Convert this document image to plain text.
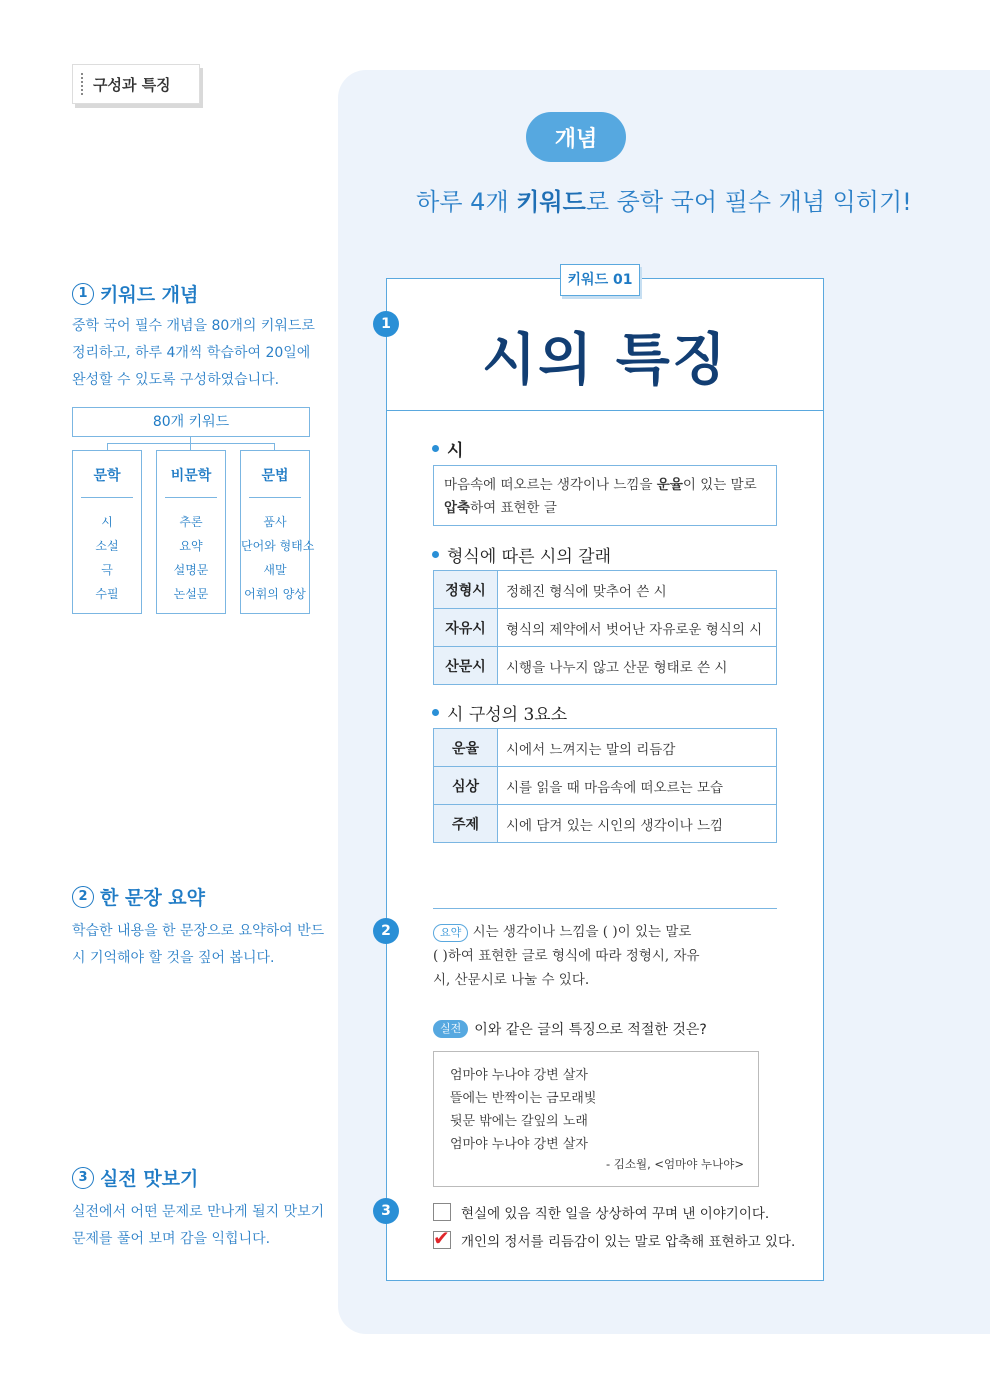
구성과 특징
개념
하루 4개 키워드로 중학 국어 필수 개념 익히기!
1 키워드 개념
중학 국어 필수 개념을 80개의 키워드로 정리하고, 하루 4개씩 학습하여 20일에 완성할 수 있도록 구성하였습니다.
80개 키워드
문학
시
소설
극
수필
비문학
추론
요약
설명문
논설문
문법
품사
단어와 형태소
새말
어휘의 양상
2 한 문장 요약
학습한 내용을 한 문장으로 요약하여 반드시 기억해야 할 것을 짚어 봅니다.
3 실전 맛보기
실전에서 어떤 문제로 만나게 될지 맛보기 문제를 풀어 보며 감을 익힙니다.
키워드 01
시의 특징
1
2
3
시
마음속에 떠오르는 생각이나 느낌을 운율이 있는 말로 압축하여 표현한 글
형식에 따른 시의 갈래
정형시	정해진 형식에 맞추어 쓴 시
자유시	형식의 제약에서 벗어난 자유로운 형식의 시
산문시	시행을 나누지 않고 산문 형태로 쓴 시
시 구성의 3요소
운율	시에서 느껴지는 말의 리듬감
심상	시를 읽을 때 마음속에 떠오르는 모습
주제	시에 담겨 있는 시인의 생각이나 느낌
요약 시는 생각이나 느낌을 ( )이 있는 말로
( )하여 표현한 글로 형식에 따라 정형시, 자유
시, 산문시로 나눌 수 있다.
실전 이와 같은 글의 특징으로 적절한 것은?
엄마야 누나야 강변 살자
뜰에는 반짝이는 금모래빛
뒷문 밖에는 갈잎의 노래
엄마야 누나야 강변 살자
- 김소월, <엄마야 누나야>
현실에 있음 직한 일을 상상하여 꾸며 낸 이야기이다.
✔ 개인의 정서를 리듬감이 있는 말로 압축해 표현하고 있다.
